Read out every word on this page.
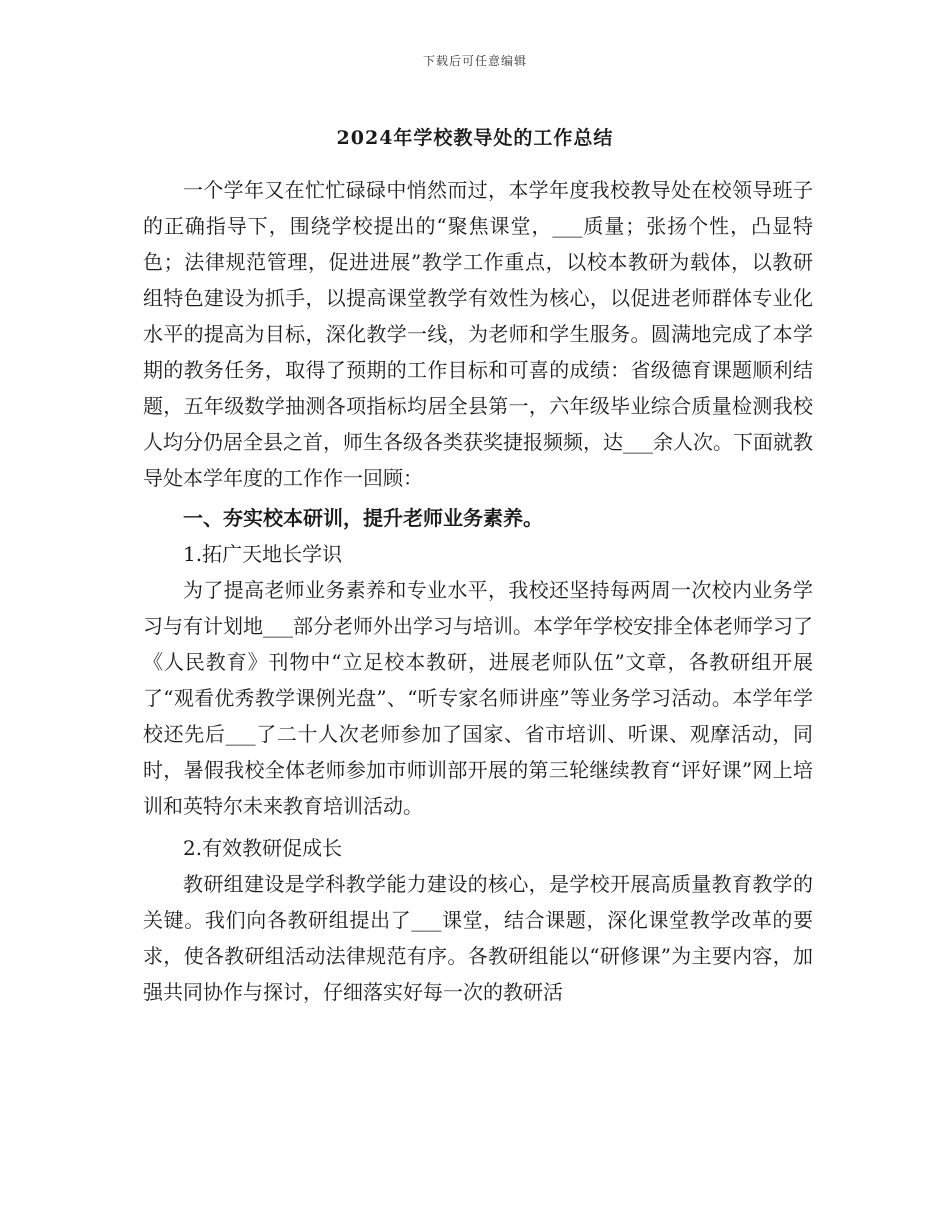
下载后可任意编辑
2024年学校教导处的工作总结

一个学年又在忙忙碌碌中悄然而过，本学年度我校教导处在校领导班子的正确指导下，围绕学校提出的“聚焦课堂，___质量；张扬个性，凸显特色；法律规范管理，促进进展”教学工作重点，以校本教研为载体，以教研组特色建设为抓手，以提高课堂教学有效性为核心，以促进老师群体专业化水平的提高为目标，深化教学一线，为老师和学生服务。圆满地完成了本学期的教务任务，取得了预期的工作目标和可喜的成绩：省级德育课题顺利结题，五年级数学抽测各项指标均居全县第一，六年级毕业综合质量检测我校人均分仍居全县之首，师生各级各类获奖捷报频频，达___余人次。下面就教导处本学年度的工作作一回顾：

一、夯实校本研训，提升老师业务素养。

1.拓广天地长学识

为了提高老师业务素养和专业水平，我校还坚持每两周一次校内业务学习与有计划地___部分老师外出学习与培训。本学年学校安排全体老师学习了《人民教育》刊物中“立足校本教研，进展老师队伍”文章，各教研组开展了“观看优秀教学课例光盘”、“听专家名师讲座”等业务学习活动。本学年学校还先后___了二十人次老师参加了国家、省市培训、听课、观摩活动，同时，暑假我校全体老师参加市师训部开展的第三轮继续教育“评好课”网上培训和英特尔未来教育培训活动。

2.有效教研促成长

教研组建设是学科教学能力建设的核心，是学校开展高质量教育教学的关键。我们向各教研组提出了___课堂，结合课题，深化课堂教学改革的要求，使各教研组活动法律规范有序。各教研组能以“研修课”为主要内容，加强共同协作与探讨，仔细落实好每一次的教研活
